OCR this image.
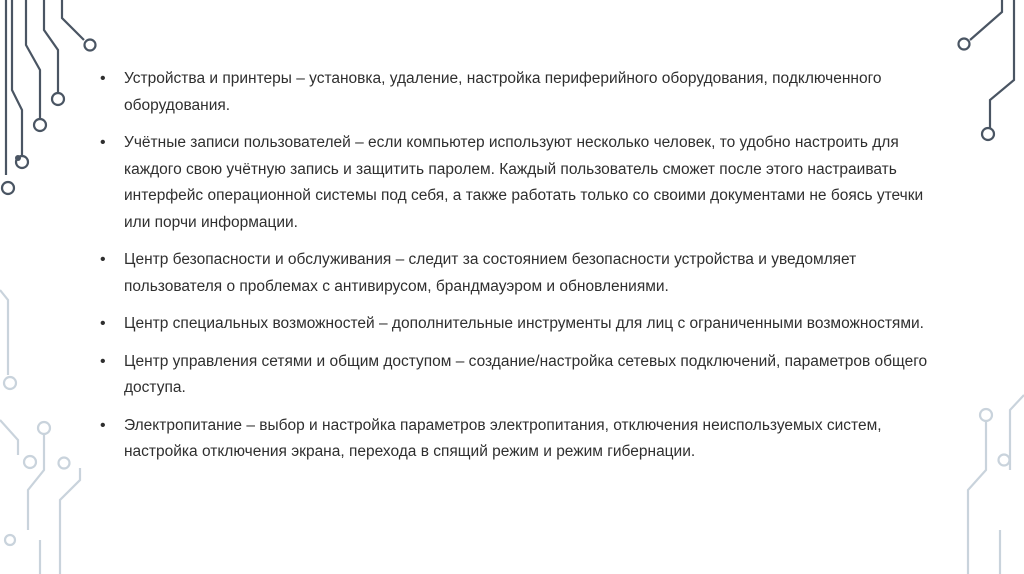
• Устройства и принтеры – установка, удаление, настройка периферийного оборудования, подключенного оборудования.
• Учётные записи пользователей – если компьютер используют несколько человек, то удобно настроить для каждого свою учётную запись и защитить паролем. Каждый пользователь сможет после этого настраивать интерфейс операционной системы под себя, а также работать только со своими документами не боясь утечки или порчи информации.
• Центр безопасности и обслуживания – следит за состоянием безопасности устройства и уведомляет пользователя о проблемах с антивирусом, брандмауэром и обновлениями.
• Центр специальных возможностей – дополнительные инструменты для лиц с ограниченными возможностями.
• Центр управления сетями и общим доступом – создание/настройка сетевых подключений, параметров общего доступа.
• Электропитание – выбор и настройка параметров электропитания, отключения неиспользуемых систем, настройка отключения экрана, перехода в спящий режим и режим гибернации.
